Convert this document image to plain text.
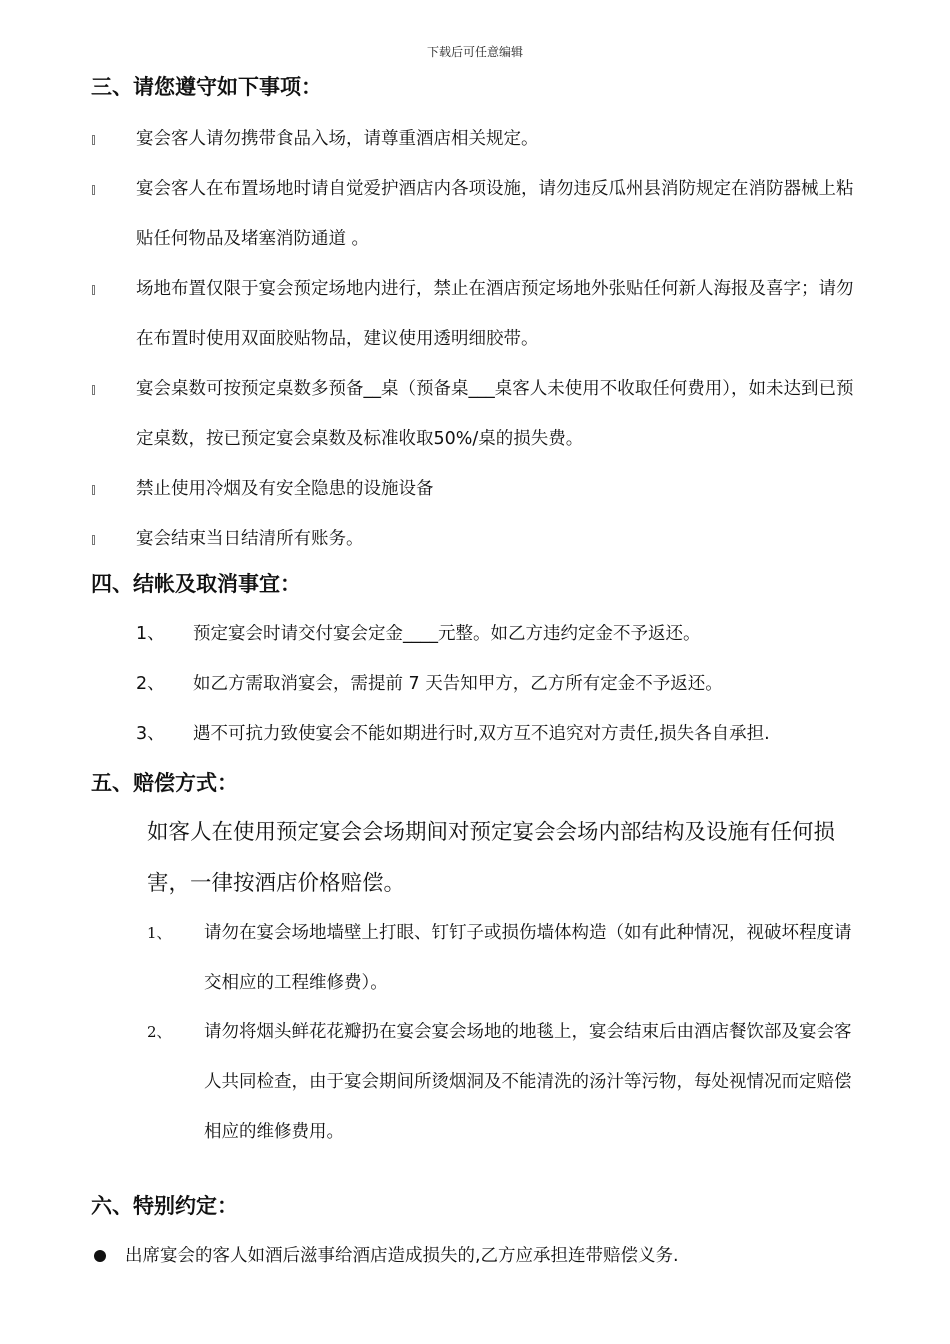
下载后可任意编辑
三、请您遵守如下事项：
宴会客人请勿携带食品入场，请尊重酒店相关规定。
宴会客人在布置场地时请自觉爱护酒店内各项设施，请勿违反瓜州县消防规定在消防器械上粘贴任何物品及堵塞消防通道 。
场地布置仅限于宴会预定场地内进行，禁止在酒店预定场地外张贴任何新人海报及喜字；请勿在布置时使用双面胶贴物品，建议使用透明细胶带。
宴会桌数可按预定桌数多预备__桌（预备桌___桌客人未使用不收取任何费用），如未达到已预定桌数，按已预定宴会桌数及标准收取50%/桌的损失费。
禁止使用冷烟及有安全隐患的设施设备
宴会结束当日结清所有账务。
四、结帐及取消事宜：
1、 预定宴会时请交付宴会定金____元整。如乙方违约定金不予返还。
2、 如乙方需取消宴会，需提前 7 天告知甲方，乙方所有定金不予返还。
3、 遇不可抗力致使宴会不能如期进行时,双方互不追究对方责任,损失各自承担.
五、赔偿方式：
如客人在使用预定宴会会场期间对预定宴会会场内部结构及设施有任何损害，一律按酒店价格赔偿。
1、 请勿在宴会场地墙壁上打眼、钉钉子或损伤墙体构造（如有此种情况，视破坏程度请交相应的工程维修费）。
2、 请勿将烟头鲜花花瓣扔在宴会宴会场地的地毯上，宴会结束后由酒店餐饮部及宴会客人共同检查，由于宴会期间所烫烟洞及不能清洗的汤汁等污物，每处视情况而定赔偿相应的维修费用。
六、特别约定：
出席宴会的客人如酒后滋事给酒店造成损失的,乙方应承担连带赔偿义务.
